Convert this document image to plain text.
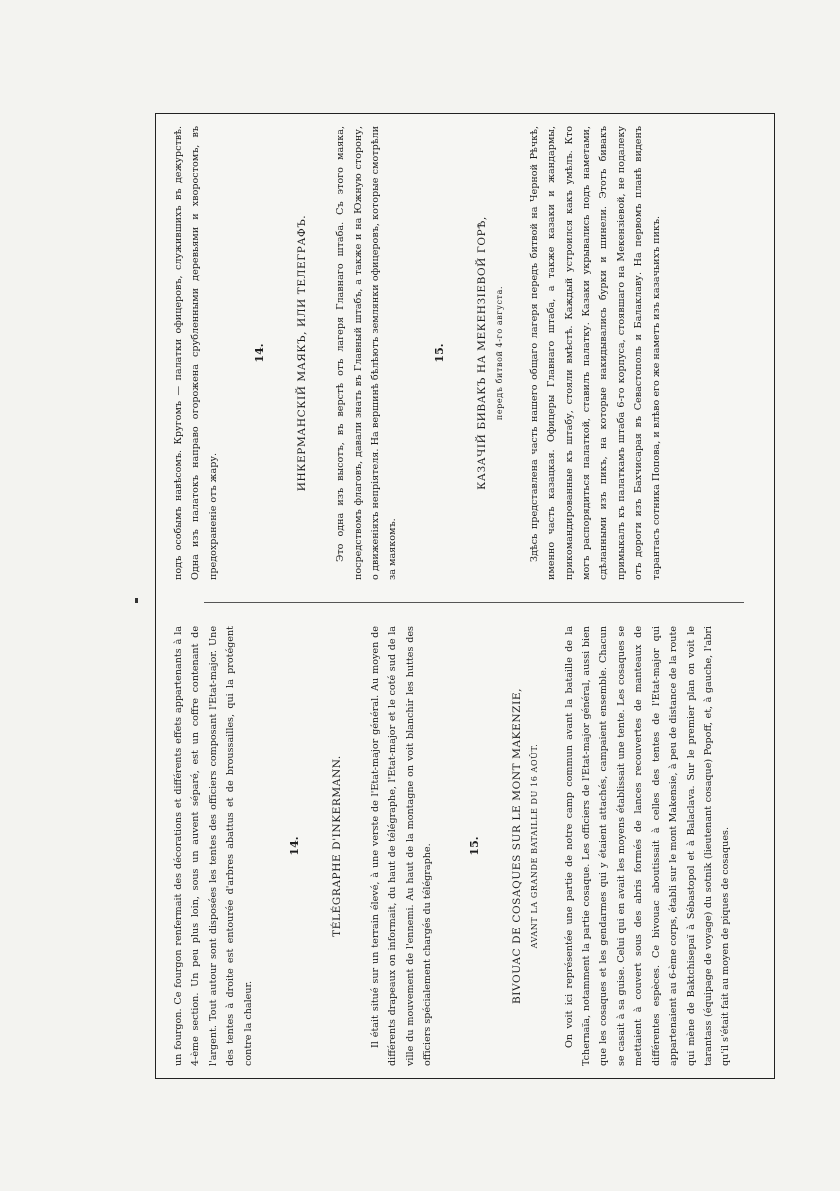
un fourgon. Ce fourgon renfermait des décorations et différents effets appartenants à la 4-ème section. Un peu plus loin, sous un auvent séparé, est un coffre contenant de l'argent. Tout autour sont disposées les tentes des officiers composant l'Etat-major. Une des tentes à droite est entourée d'arbres abattus et de broussailles, qui la protégent contre la chaleur.

14.	TÉLÉGRAPHE D'INKERMANN.	Il était situé sur un terrain élevé, à une verste de l'Etat-major général. Au moyen de différents drapeaux on informait, du haut de télégraphe, l'Etat-major et le coté sud de la ville du mouvement de l'ennemi. Au haut de la montagne on voit blanchir les huttes des officiers spécialement chargés du télégraphe.	15.	BIVOUAC DE COSAQUES SUR LE MONT MAKENZIE, AVANT LA GRANDE BATAILLE DU 16 AOÛT.	On voit ici représentée une partie de notre camp commun avant la bataille de la Tchernaïa, notamment la partie cosaque. Les officiers de l'Etat-major général, aussi bien que les cosaques et les gendarmes qui y étaient attachés, campaient ensemble. Chacun se casait à sa guise. Celui qui en avait les moyens établissait une tente. Les cosaques se mettaient à couvert sous des abris formés de lances recouvertes de manteaux de différentes espèces. Ce bivouac aboutissait à celles des tentes de l'Etat-major qui appartenaient au 6-ème corps, établi sur le mont Makensie, à peu de distance de la route qui mène de Baktchisераï à Sébastopol et à Balaclava. Sur le premier plan on voit le tarantass (équipage de voyage) du sotnik (lieutenant cosaque) Popoff, et, à gauche, l'abri qu'il s'était fait au moyen de piques de cosaques.

подъ особымъ навѣсомъ. Кругомъ — палатки офицеровъ, служившихъ въ дежурствѣ. Одна изъ палатокъ направо огорожена срубленными деревьями и хворостомъ, въ предохраненіе отъ жару.

14.	ИНКЕРМАНСКІЙ МАЯКЪ, ИЛИ ТЕЛЕГРАФЪ.	Это одна изъ высотъ, въ верстѣ отъ лагеря Главнаго штаба. Съ этого маяка, посредствомъ флаговъ, давали знать въ Главный штабъ, а также и на Южную сторону, о движеніяхъ непріятеля. На вершинѣ бѣлѣютъ землянки офицеровъ, которые смотрѣли за маякомъ.

15.	КАЗАЧІЙ БИВАКЪ НА МЕКЕНЗІЕВОЙ ГОРѢ, передъ битвой 4-го августа.	Здѣсь представлена часть нашего общаго лагеря передъ битвой на Черной Рѣчкѣ, именно часть казацкая. Офицеры Главнаго штаба, а также казаки и жандармы, прикомандированные къ штабу, стояли вмѣстѣ. Каждый устроился какъ умѣлъ. Кто могъ распорядиться палаткой, ставилъ палатку. Казаки укрывались подъ наметами, сдѣланными изъ пикъ, на которые накидывались бурки и шинели. Этотъ бивакъ примыкалъ къ палаткамъ штаба 6-го корпуса, стоявшаго на Мекензіевой, не подалеку отъ дороги изъ Бахчисарая въ Севастополь и Балаклаву. На первомъ планѣ виденъ тарантасъ сотника Попова, и влѣво его же наметъ изъ казачьихъ пикъ.
